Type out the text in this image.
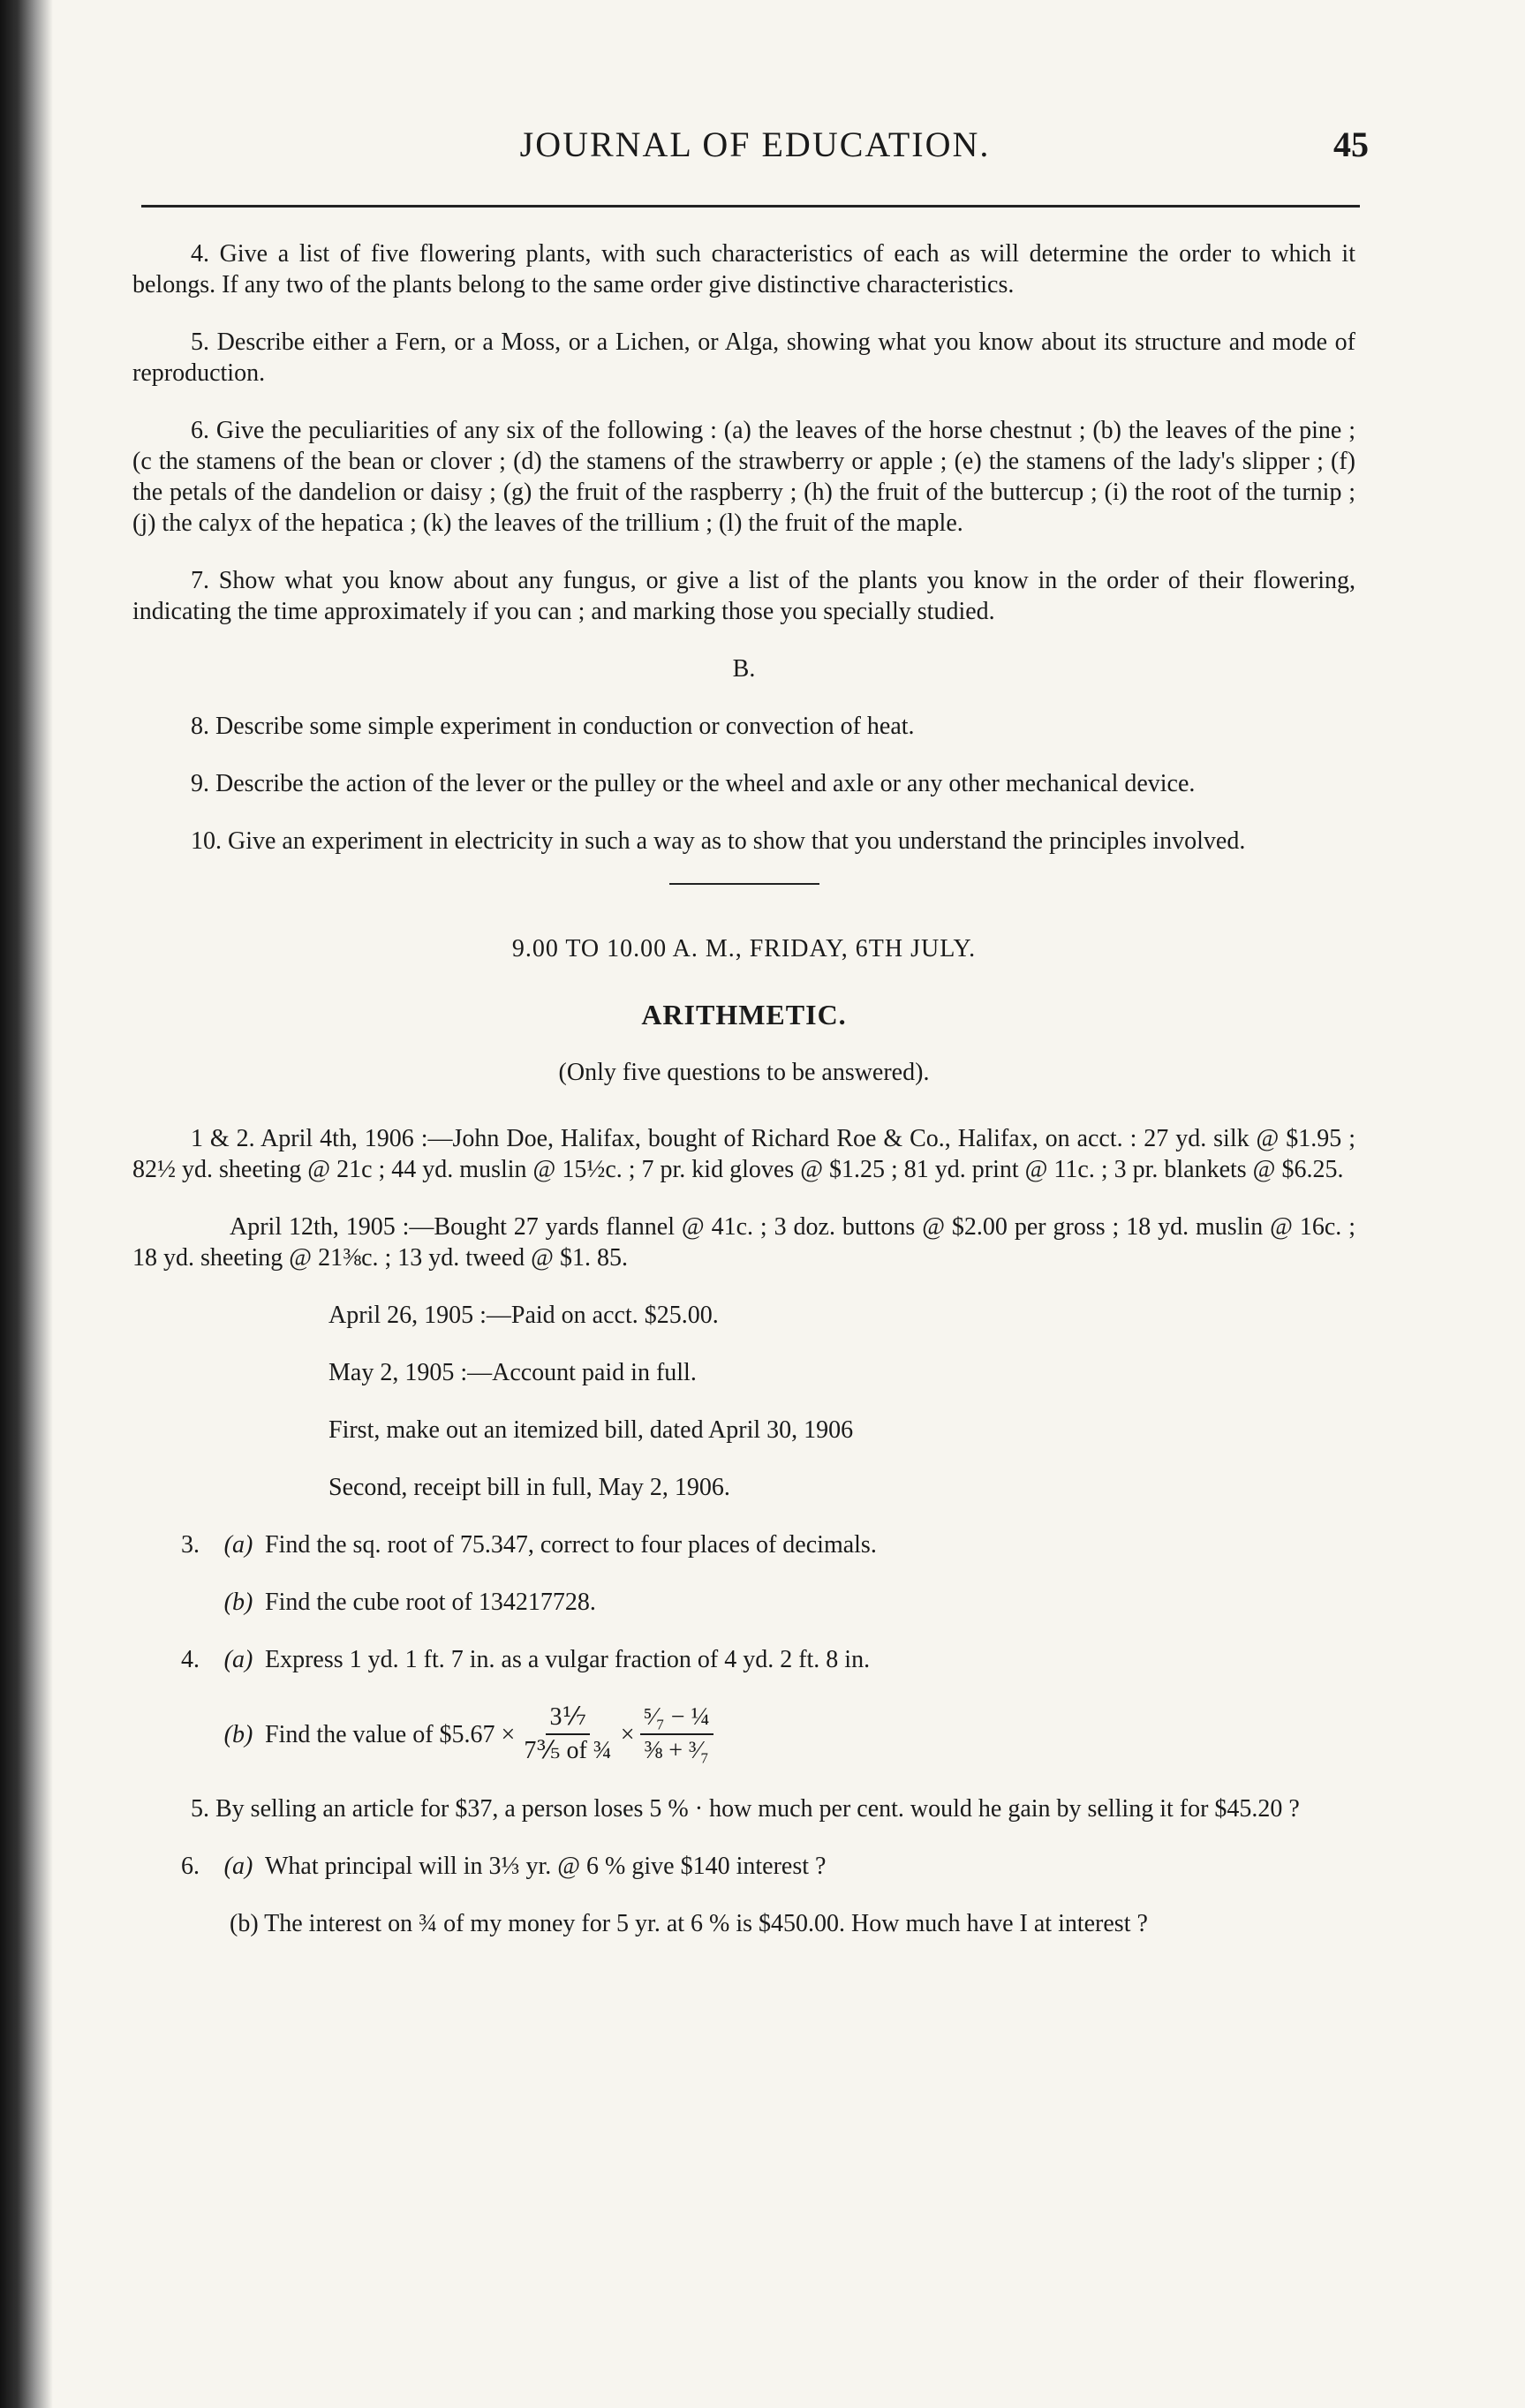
JOURNAL OF EDUCATION.	45

4. Give a list of five flowering plants, with such characteristics of each as will determine the order to which it belongs. If any two of the plants belong to the same order give distinctive characteristics.

5. Describe either a Fern, or a Moss, or a Lichen, or Alga, showing what you know about its structure and mode of reproduction.

6. Give the peculiarities of any six of the following : (a) the leaves of the horse chestnut ; (b) the leaves of the pine ; (c the stamens of the bean or clover ; (d) the stamens of the strawberry or apple ; (e) the stamens of the lady's slipper ; (f) the petals of the dandelion or daisy ; (g) the fruit of the raspberry ; (h) the fruit of the buttercup ; (i) the root of the turnip ; (j) the calyx of the hepatica ; (k) the leaves of the trillium ; (l) the fruit of the maple.

7. Show what you know about any fungus, or give a list of the plants you know in the order of their flowering, indicating the time approximately if you can ; and marking those you specially studied.

B.

8. Describe some simple experiment in conduction or convection of heat.

9. Describe the action of the lever or the pulley or the wheel and axle or any other mechanical device.

10. Give an experiment in electricity in such a way as to show that you understand the principles involved.

9.00 TO 10.00 A. M., FRIDAY, 6TH JULY.

ARITHMETIC.

(Only five questions to be answered).

1 & 2. April 4th, 1906 :—John Doe, Halifax, bought of Richard Roe & Co., Halifax, on acct. : 27 yd. silk @ $1.95 ; 82½ yd. sheeting @ 21c ; 44 yd. muslin @ 15½c. ; 7 pr. kid gloves @ $1.25 ; 81 yd. print @ 11c. ; 3 pr. blankets @ $6.25.

April 12th, 1905 :—Bought 27 yards flannel @ 41c. ; 3 doz. buttons @ $2.00 per gross ; 18 yd. muslin @ 16c. ; 18 yd. sheeting @ 21⅜c. ; 13 yd. tweed @ $1. 85.

April 26, 1905 :—Paid on acct. $25.00.

May 2, 1905 :—Account paid in full.

First, make out an itemized bill, dated April 30, 1906

Second, receipt bill in full, May 2, 1906.

3. (a) Find the sq. root of 75.347, correct to four places of decimals.
(b) Find the cube root of 134217728.
4. (a) Express 1 yd. 1 ft. 7 in. as a vulgar fraction of 4 yd. 2 ft. 8 in.
(b) Find the value of $5.67 × $\frac{\text{3⅐}}{\text{7⅗ of ¾}} \times \frac{\text{⁵⁄₇ − ¼}}{\text{⅜ + ³⁄₇}}$

5. By selling an article for $37, a person loses 5 % · how much per cent. would he gain by selling it for $45.20 ?

6. (a) What principal will in 3⅓ yr. @ 6 % give $140 interest ?

(b) The interest on ¾ of my money for 5 yr. at 6 % is $450.00. How much have I at interest ?
